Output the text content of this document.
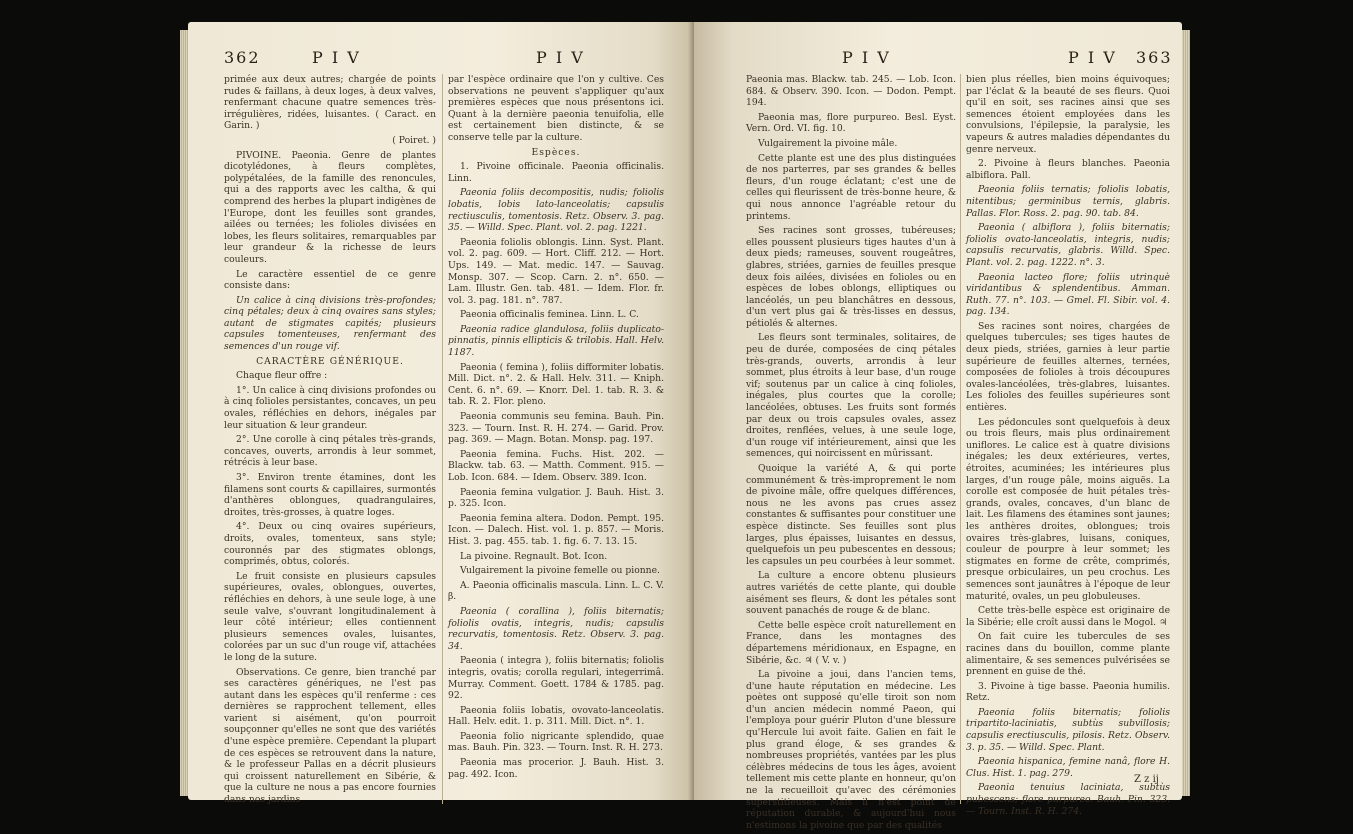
362	P I V	P I V

primée aux deux autres; chargée de points rudes & faillans, à deux loges, à deux valves, renfermant chacune quatre semences très-irrégulières, ridées, luisantes. ( Caract. en Garin. )

( Poiret. )

PIVOINE. Paeonia. Genre de plantes dicotylédones, à fleurs complètes, polypétalées, de la famille des renoncules, qui a des rapports avec les caltha, & qui comprend des herbes la plupart indigènes de l'Europe, dont les feuilles sont grandes, ailées ou ternées; les folioles divisées en lobes, les fleurs solitaires, remarquables par leur grandeur & la richesse de leurs couleurs.

Le caractère essentiel de ce genre consiste dans:

Un calice à cinq divisions très-profondes; cinq pétales; deux à cinq ovaires sans styles; autant de stigmates capités; plusieurs capsules tomenteuses, renfermant des semences d'un rouge vif.

CARACTÈRE GÉNÉRIQUE.

Chaque fleur offre :

1°. Un calice à cinq divisions profondes ou à cinq folioles persistantes, concaves, un peu ovales, réfléchies en dehors, inégales par leur situation & leur grandeur.

2°. Une corolle à cinq pétales très-grands, concaves, ouverts, arrondis à leur sommet, rétrécis à leur base.

3°. Environ trente étamines, dont les filamens sont courts & capillaires, surmontés d'anthères oblongues, quadrangulaires, droites, très-grosses, à quatre loges.

4°. Deux ou cinq ovaires supérieurs, droits, ovales, tomenteux, sans style; couronnés par des stigmates oblongs, comprimés, obtus, colorés.

Le fruit consiste en plusieurs capsules supérieures, ovales, oblongues, ouvertes, réfléchies en dehors, à une seule loge, à une seule valve, s'ouvrant longitudinalement à leur côté intérieur; elles contiennent plusieurs semences ovales, luisantes, colorées par un suc d'un rouge vif, attachées le long de la suture.

Observations. Ce genre, bien tranché par ses caractères génériques, ne l'est pas autant dans les espèces qu'il renferme : ces dernières se rapprochent tellement, elles varient si aisément, qu'on pourroit soupçonner qu'elles ne sont que des variétés d'une espèce première. Cependant la plupart de ces espèces se retrouvent dans la nature, & le professeur Pallas en a décrit plusieurs qui croissent naturellement en Sibérie, & que la culture ne nous a pas encore fournies dans nos jardins

par l'espèce ordinaire que l'on y cultive. Ces observations ne peuvent s'appliquer qu'aux premières espèces que nous présentons ici. Quant à la dernière paeonia tenuifolia, elle est certainement bien distincte, & se conserve telle par la culture.

Espèces.

1. Pivoine officinale. Paeonia officinalis. Linn.

Paeonia foliis decompositis, nudis; foliolis lobatis, lobis lato-lanceolatis; capsulis rectiusculis, tomentosis. Retz. Observ. 3. pag. 35. — Willd. Spec. Plant. vol. 2. pag. 1221.

Paeonia foliolis oblongis. Linn. Syst. Plant. vol. 2. pag. 609. — Hort. Cliff. 212. — Hort. Ups. 149. — Mat. medic. 147. — Sauvag. Monsp. 307. — Scop. Carn. 2. n°. 650. — Lam. Illustr. Gen. tab. 481. — Idem. Flor. fr. vol. 3. pag. 181. n°. 787.

Paeonia officinalis feminea. Linn. L. C.

Paeonia radice glandulosa, foliis duplicato-pinnatis, pinnis ellipticis & trilobis. Hall. Helv. 1187.

Paeonia ( femina ), foliis difformiter lobatis. Mill. Dict. n°. 2. & Hall. Helv. 311. — Kniph. Cent. 6. n°. 69. — Knorr. Del. 1. tab. R. 3. & tab. R. 2. Flor. pleno.

Paeonia communis seu femina. Bauh. Pin. 323. — Tourn. Inst. R. H. 274. — Garid. Prov. pag. 369. — Magn. Botan. Monsp. pag. 197.

Paeonia femina. Fuchs. Hist. 202. — Blackw. tab. 63. — Matth. Comment. 915. — Lob. Icon. 684. — Idem. Observ. 389. Icon.

Paeonia femina vulgatior. J. Bauh. Hist. 3. p. 325. Icon.

Paeonia femina altera. Dodon. Pempt. 195. Icon. — Dalech. Hist. vol. 1. p. 857. — Moris. Hist. 3. pag. 455. tab. 1. fig. 6. 7. 13. 15.

La pivoine. Regnault. Bot. Icon.

Vulgairement la pivoine femelle ou pionne.

A. Paeonia officinalis mascula. Linn. L. C. V. β.

Paeonia ( corallina ), foliis biternatis; foliolis ovatis, integris, nudis; capsulis recurvatis, tomentosis. Retz. Observ. 3. pag. 34.

Paeonia ( integra ), foliis biternatis; foliolis integris, ovatis; corolla regulari, integerrimâ. Murray. Comment. Goett. 1784 & 1785. pag. 92.

Paeonia foliis lobatis, ovovato-lanceolatis. Hall. Helv. edit. 1. p. 311. Mill. Dict. n°. 1.

Paeonia folio nigricante splendido, quae mas. Bauh. Pin. 323. — Tourn. Inst. R. H. 273.

Paeonia mas procerior. J. Bauh. Hist. 3. pag. 492. Icon.

P I V	P I V 363

Paeonia mas. Blackw. tab. 245. — Lob. Icon. 684. & Observ. 390. Icon. — Dodon. Pempt. 194.

Paeonia mas, flore purpureo. Besl. Eyst. Vern. Ord. VI. fig. 10.

Vulgairement la pivoine mâle.

Cette plante est une des plus distinguées de nos parterres, par ses grandes & belles fleurs, d'un rouge éclatant; c'est une de celles qui fleurissent de très-bonne heure, & qui nous annonce l'agréable retour du printems.

Ses racines sont grosses, tubéreuses; elles poussent plusieurs tiges hautes d'un à deux pieds; rameuses, souvent rougeâtres, glabres, striées, garnies de feuilles presque deux fois ailées, divisées en folioles ou en espèces de lobes oblongs, elliptiques ou lancéolés, un peu blanchâtres en dessous, d'un vert plus gai & très-lisses en dessus, pétiolés & alternes.

Les fleurs sont terminales, solitaires, de peu de durée, composées de cinq pétales très-grands, ouverts, arrondis à leur sommet, plus étroits à leur base, d'un rouge vif; soutenus par un calice à cinq folioles, inégales, plus courtes que la corolle; lancéolées, obtuses. Les fruits sont formés par deux ou trois capsules ovales, assez droites, renflées, velues, à une seule loge, d'un rouge vif intérieurement, ainsi que les semences, qui noircissent en mûrissant.

Quoique la variété A, & qui porte communément & très-improprement le nom de pivoine mâle, offre quelques différences, nous ne les avons pas crues assez constantes & suffisantes pour constituer une espèce distincte. Ses feuilles sont plus larges, plus épaisses, luisantes en dessus, quelquefois un peu pubescentes en dessous; les capsules un peu courbées à leur sommet.

La culture a encore obtenu plusieurs autres variétés de cette plante, qui double aisément ses fleurs, & dont les pétales sont souvent panachés de rouge & de blanc.

Cette belle espèce croît naturellement en France, dans les montagnes des départemens méridionaux, en Espagne, en Sibérie, &c. ♃ ( V. v. )

La pivoine a joui, dans l'ancien tems, d'une haute réputation en médecine. Les poètes ont supposé qu'elle tiroit son nom d'un ancien médecin nommé Paeon, qui l'employa pour guérir Pluton d'une blessure qu'Hercule lui avoit faite. Galien en fait le plus grand éloge, & ses grandes & nombreuses propriétés, vantées par les plus célèbres médecins de tous les âges, avoient tellement mis cette plante en honneur, qu'on ne la recueilloit qu'avec des cérémonies superstitieuses. Mais il n'est point de réputation durable, & aujourd'hui nous n'estimons la pivoine que par des qualités

bien plus réelles, bien moins équivoques; par l'éclat & la beauté de ses fleurs. Quoi qu'il en soit, ses racines ainsi que ses semences étoient employées dans les convulsions, l'épilepsie, la paralysie, les vapeurs & autres maladies dépendantes du genre nerveux.

2. Pivoine à fleurs blanches. Paeonia albiflora. Pall.

Paeonia foliis ternatis; foliolis lobatis, nitentibus; germinibus ternis, glabris. Pallas. Flor. Ross. 2. pag. 90. tab. 84.

Paeonia ( albiflora ), foliis biternatis; foliolis ovato-lanceolatis, integris, nudis; capsulis recurvatis, glabris. Willd. Spec. Plant. vol. 2. pag. 1222. n°. 3.

Paeonia lacteo flore; foliis utrinquè viridantibus & splendentibus. Amman. Ruth. 77. n°. 103. — Gmel. Fl. Sibir. vol. 4. pag. 134.

Ses racines sont noires, chargées de quelques tubercules; ses tiges hautes de deux pieds, striées, garnies à leur partie supérieure de feuilles alternes, ternées, composées de folioles à trois découpures ovales-lancéolées, très-glabres, luisantes. Les folioles des feuilles supérieures sont entières.

Les pédoncules sont quelquefois à deux ou trois fleurs, mais plus ordinairement uniflores. Le calice est à quatre divisions inégales; les deux extérieures, vertes, étroites, acuminées; les intérieures plus larges, d'un rouge pâle, moins aiguës. La corolle est composée de huit pétales très-grands, ovales, concaves, d'un blanc de lait. Les filamens des étamines sont jaunes; les anthères droites, oblongues; trois ovaires très-glabres, luisans, coniques, couleur de pourpre à leur sommet; les stigmates en forme de crête, comprimés, presque orbiculaires, un peu crochus. Les semences sont jaunâtres à l'époque de leur maturité, ovales, un peu globuleuses.

Cette très-belle espèce est originaire de la Sibérie; elle croît aussi dans le Mogol. ♃

On fait cuire les tubercules de ses racines dans du bouillon, comme plante alimentaire, & ses semences pulvérisées se prennent en guise de thé.

3. Pivoine à tige basse. Paeonia humilis. Retz.

Paeonia foliis biternatis; foliolis tripartito-laciniatis, subtùs subvillosis; capsulis erectiusculis, pilosis. Retz. Observ. 3. p. 35. — Willd. Spec. Plant.

Paeonia hispanica, femine nanâ, flore H. Clus. Hist. 1. pag. 279.

Paeonia tenuius laciniata, subtùs pubescens; flore purpureo. Bauh. Pin. 323. — Tourn. Inst. R. H. 274.

Z z ij
